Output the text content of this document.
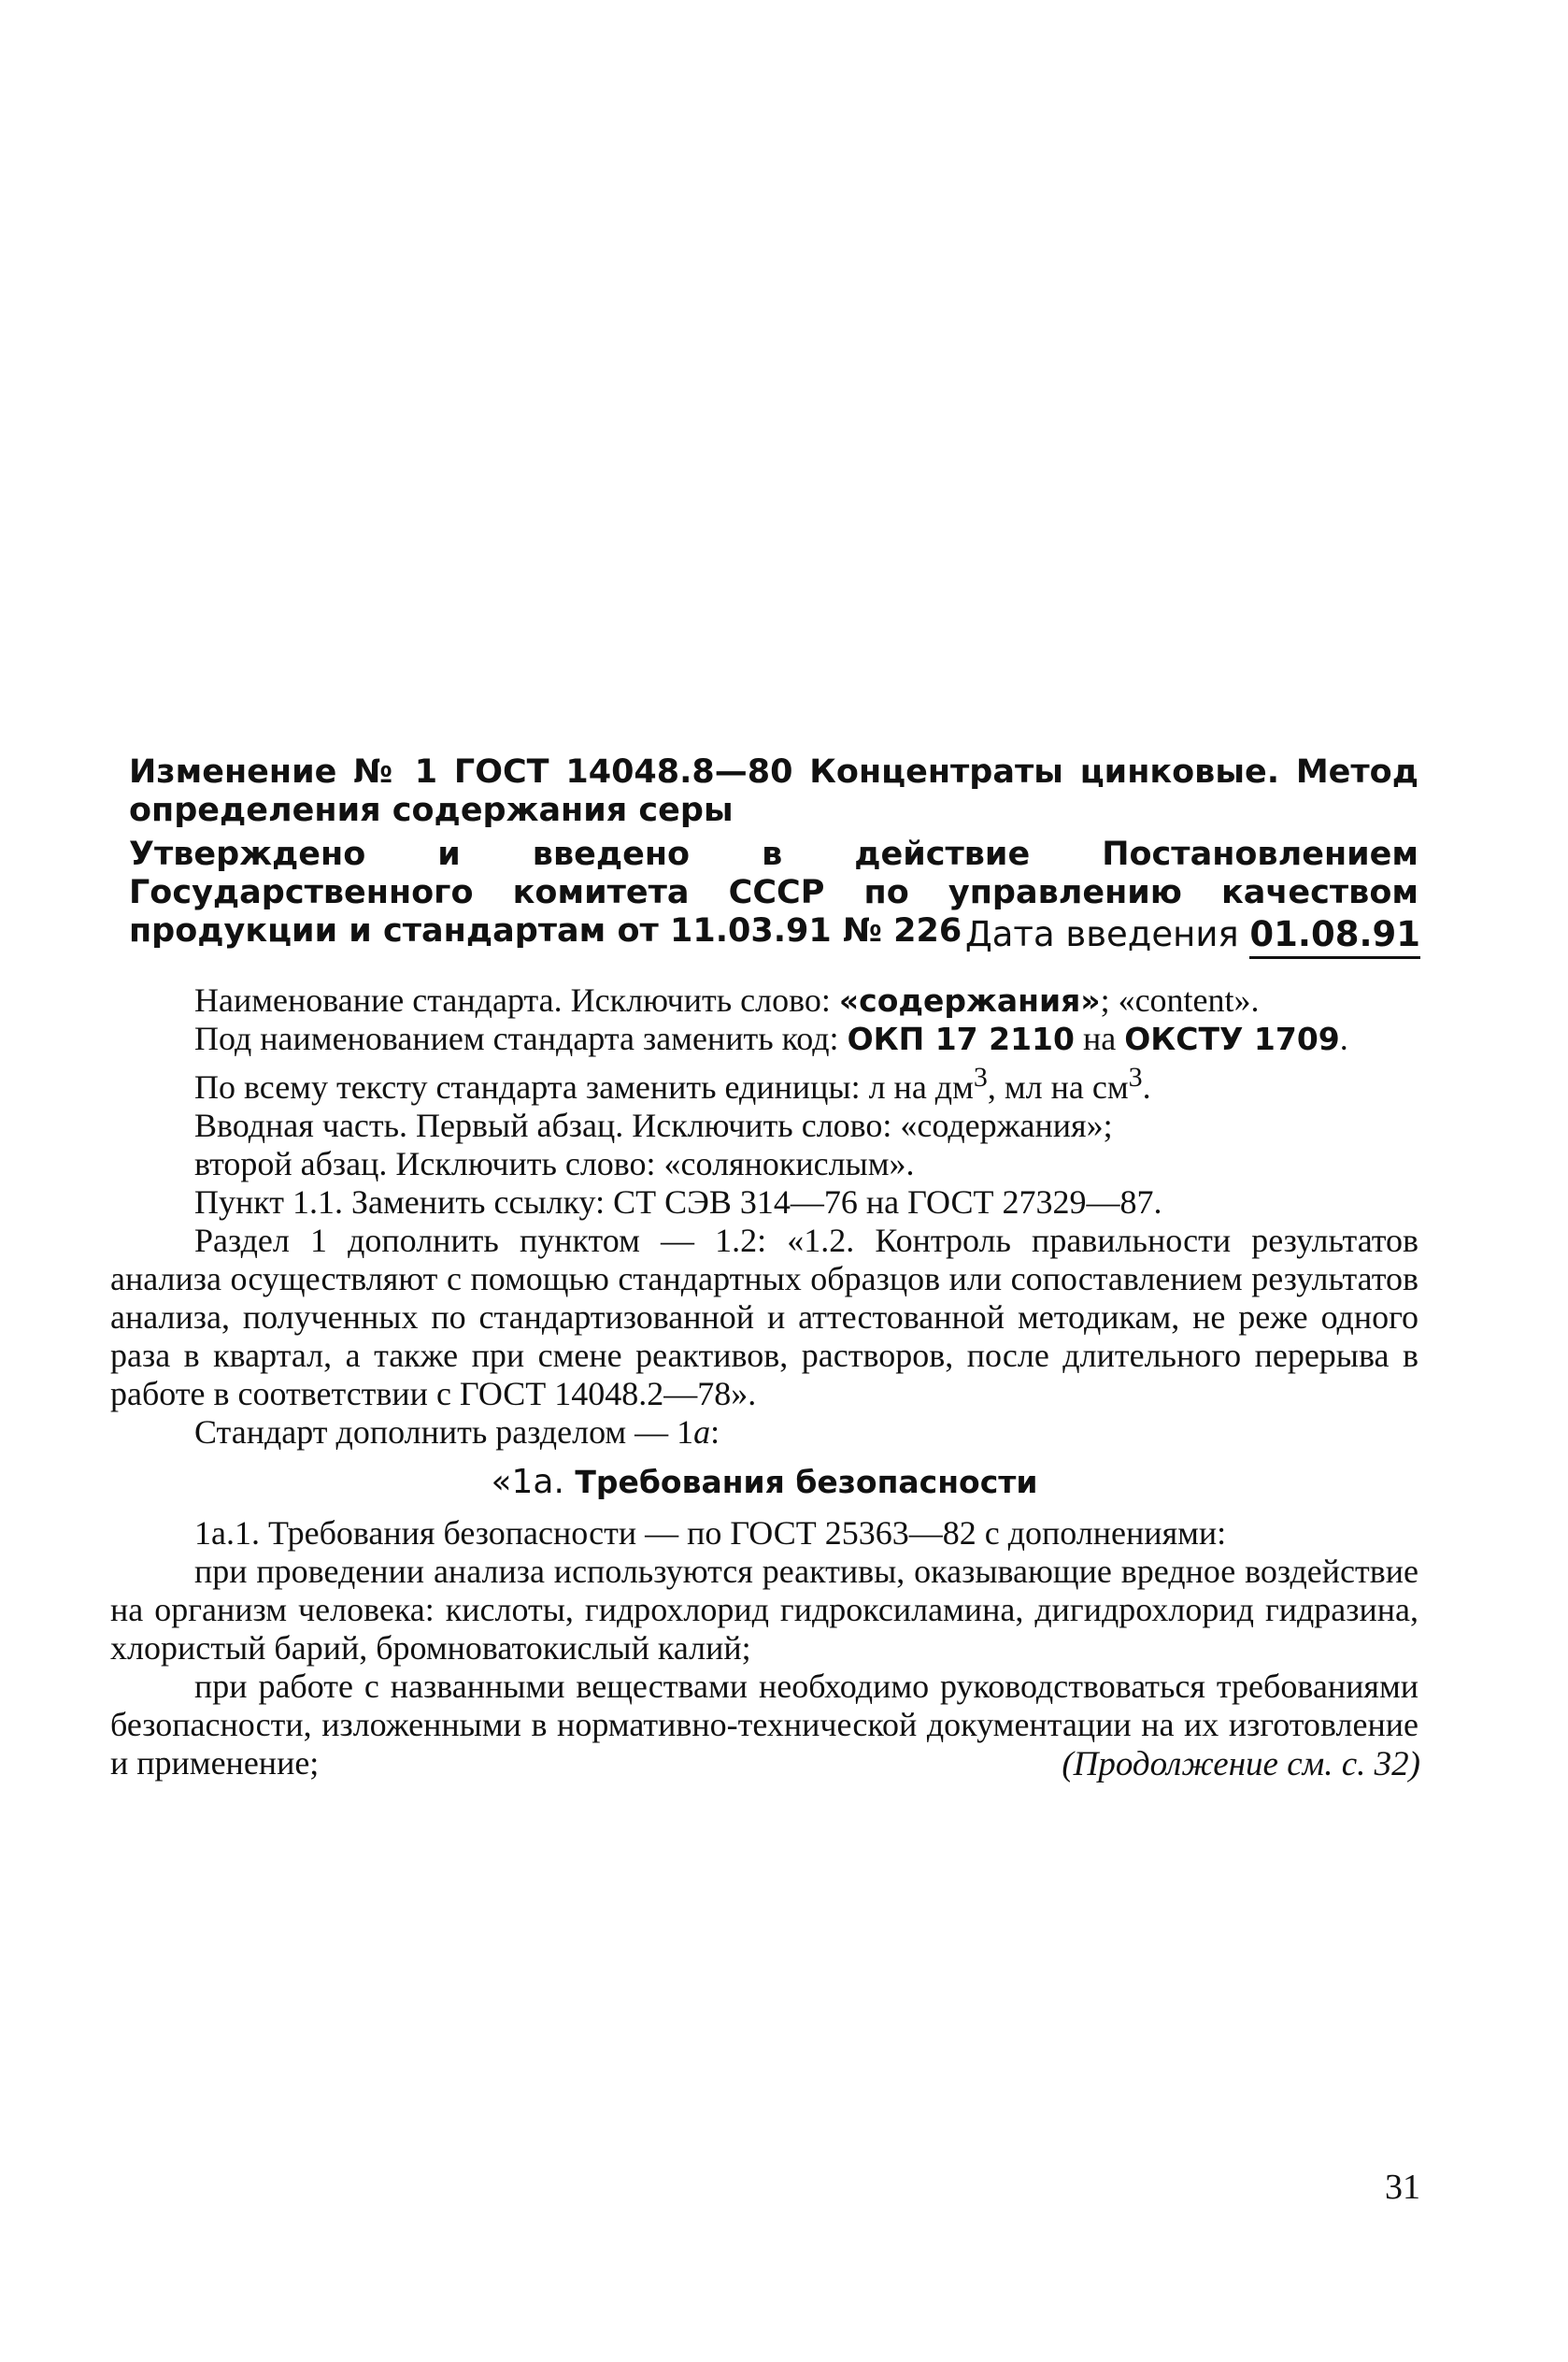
Изменение № 1 ГОСТ 14048.8—80 Концентраты цинковые. Метод определения содержания серы

Утверждено и введено в действие Постановлением Государственного комитета СССР по управлению качеством продукции и стандартам от 11.03.91 № 226 Дата введения 01.08.91

Наименование стандарта. Исключить слово: «содержания»; «content».

Под наименованием стандарта заменить код: ОКП 17 2110 на ОКСТУ 1709.

По всему тексту стандарта заменить единицы: л на $дм^3$, мл на $см^3$.

Вводная часть. Первый абзац. Исключить слово: «содержания»;

второй абзац. Исключить слово: «солянокислым».

Пункт 1.1. Заменить ссылку: СТ СЭВ 314—76 на ГОСТ 27329—87.

Раздел 1 дополнить пунктом — 1.2: «1.2. Контроль правильности результатов анализа осуществляют с помощью стандартных образцов или сопоставлением результатов анализа, полученных по стандартизованной и аттестованной методикам, не реже одного раза в квартал, а также при смене реактивов, растворов, после длительного перерыва в работе в соответствии с ГОСТ 14048.2—78».

Стандарт дополнить разделом — 1а:

«1а. Требования безопасности

1а.1. Требования безопасности — по ГОСТ 25363—82 с дополнениями:

при проведении анализа используются реактивы, оказывающие вредное воздействие на организм человека: кислоты, гидрохлорид гидроксиламина, дигидрохлорид гидразина, хлористый барий, бромноватокислый калий;

при работе с названными веществами необходимо руководствоваться требованиями безопасности, изложенными в нормативно-технической документации на их изготовление и применение;	(Продолжение см. с. 32)
31
